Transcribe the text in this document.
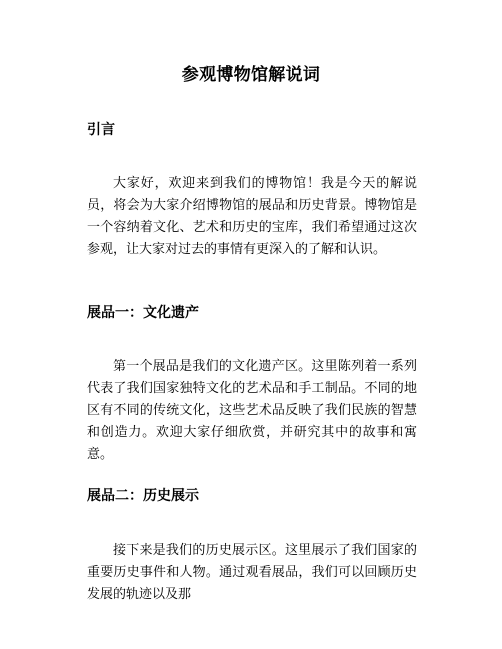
参观博物馆解说词
引言

大家好，欢迎来到我们的博物馆！我是今天的解说员，将会为大家介绍博物馆的展品和历史背景。博物馆是一个容纳着文化、艺术和历史的宝库，我们希望通过这次参观，让大家对过去的事情有更深入的了解和认识。

展品一：文化遗产

第一个展品是我们的文化遗产区。这里陈列着一系列代表了我们国家独特文化的艺术品和手工制品。不同的地区有不同的传统文化，这些艺术品反映了我们民族的智慧和创造力。欢迎大家仔细欣赏，并研究其中的故事和寓意。

展品二：历史展示

接下来是我们的历史展示区。这里展示了我们国家的重要历史事件和人物。通过观看展品，我们可以回顾历史发展的轨迹以及那
